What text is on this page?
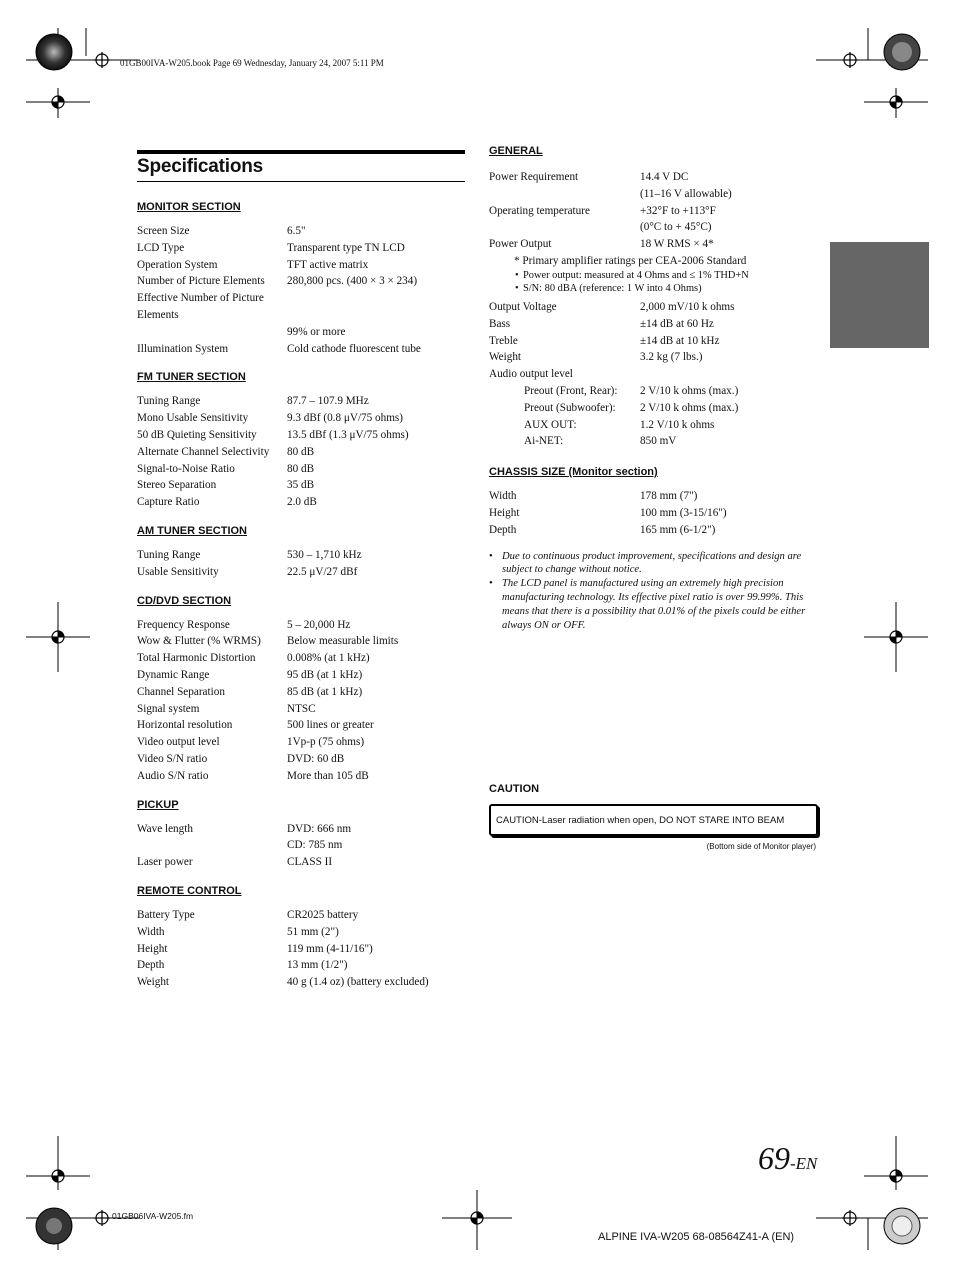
01GB00IVA-W205.book Page 69 Wednesday, January 24, 2007 5:11 PM
Specifications
MONITOR SECTION
Screen Size	6.5"
LCD Type	Transparent type TN LCD
Operation System	TFT active matrix
Number of Picture Elements	280,800 pcs. (400 × 3 × 234)
Effective Number of Picture Elements
99% or more
Illumination System	Cold cathode fluorescent tube
FM TUNER SECTION
Tuning Range	87.7 – 107.9 MHz
Mono Usable Sensitivity	9.3 dBf (0.8 μV/75 ohms)
50 dB Quieting Sensitivity	13.5 dBf (1.3 μV/75 ohms)
Alternate Channel Selectivity	80 dB
Signal-to-Noise Ratio	80 dB
Stereo Separation	35 dB
Capture Ratio	2.0 dB
AM TUNER SECTION
Tuning Range	530 – 1,710 kHz
Usable Sensitivity	22.5 μV/27 dBf
CD/DVD SECTION
Frequency Response	5 – 20,000 Hz
Wow & Flutter (% WRMS)	Below measurable limits
Total Harmonic Distortion	0.008% (at 1 kHz)
Dynamic Range	95 dB (at 1 kHz)
Channel Separation	85 dB (at 1 kHz)
Signal system	NTSC
Horizontal resolution	500 lines or greater
Video output level	1Vp-p (75 ohms)
Video S/N ratio	DVD: 60 dB
Audio S/N ratio	More than 105 dB
PICKUP
Wave length	DVD: 666 nm
CD: 785 nm
Laser power	CLASS II
REMOTE CONTROL
Battery Type	CR2025 battery
Width	51 mm (2")
Height	119 mm (4-11/16")
Depth	13 mm (1/2")
Weight	40 g (1.4 oz) (battery excluded)
GENERAL
Power Requirement	14.4 V DC
(11–16 V allowable)
Operating temperature	+32°F to +113°F
(0°C to + 45°C)
Power Output	18 W RMS × 4*
* Primary amplifier ratings per CEA-2006 Standard
• Power output: measured at 4 Ohms and ≤ 1% THD+N
• S/N: 80 dBA (reference: 1 W into 4 Ohms)
Output Voltage	2,000 mV/10 k ohms
Bass	±14 dB at 60 Hz
Treble	±14 dB at 10 kHz
Weight	3.2 kg (7 lbs.)
Audio output level
Preout (Front, Rear):	2 V/10 k ohms (max.)
Preout (Subwoofer):	2 V/10 k ohms (max.)
AUX OUT:	1.2 V/10 k ohms
Ai-NET:	850 mV
CHASSIS SIZE (Monitor section)
Width	178 mm (7")
Height	100 mm (3-15/16")
Depth	165 mm (6-1/2")
• Due to continuous product improvement, specifications and design are subject to change without notice.
• The LCD panel is manufactured using an extremely high precision manufacturing technology. Its effective pixel ratio is over 99.99%. This means that there is a possibility that 0.01% of the pixels could be either always ON or OFF.
CAUTION
CAUTION-Laser radiation when open, DO NOT STARE INTO BEAM
(Bottom side of Monitor player)
69-EN
01GB06IVA-W205.fm
ALPINE IVA-W205 68-08564Z41-A (EN)
